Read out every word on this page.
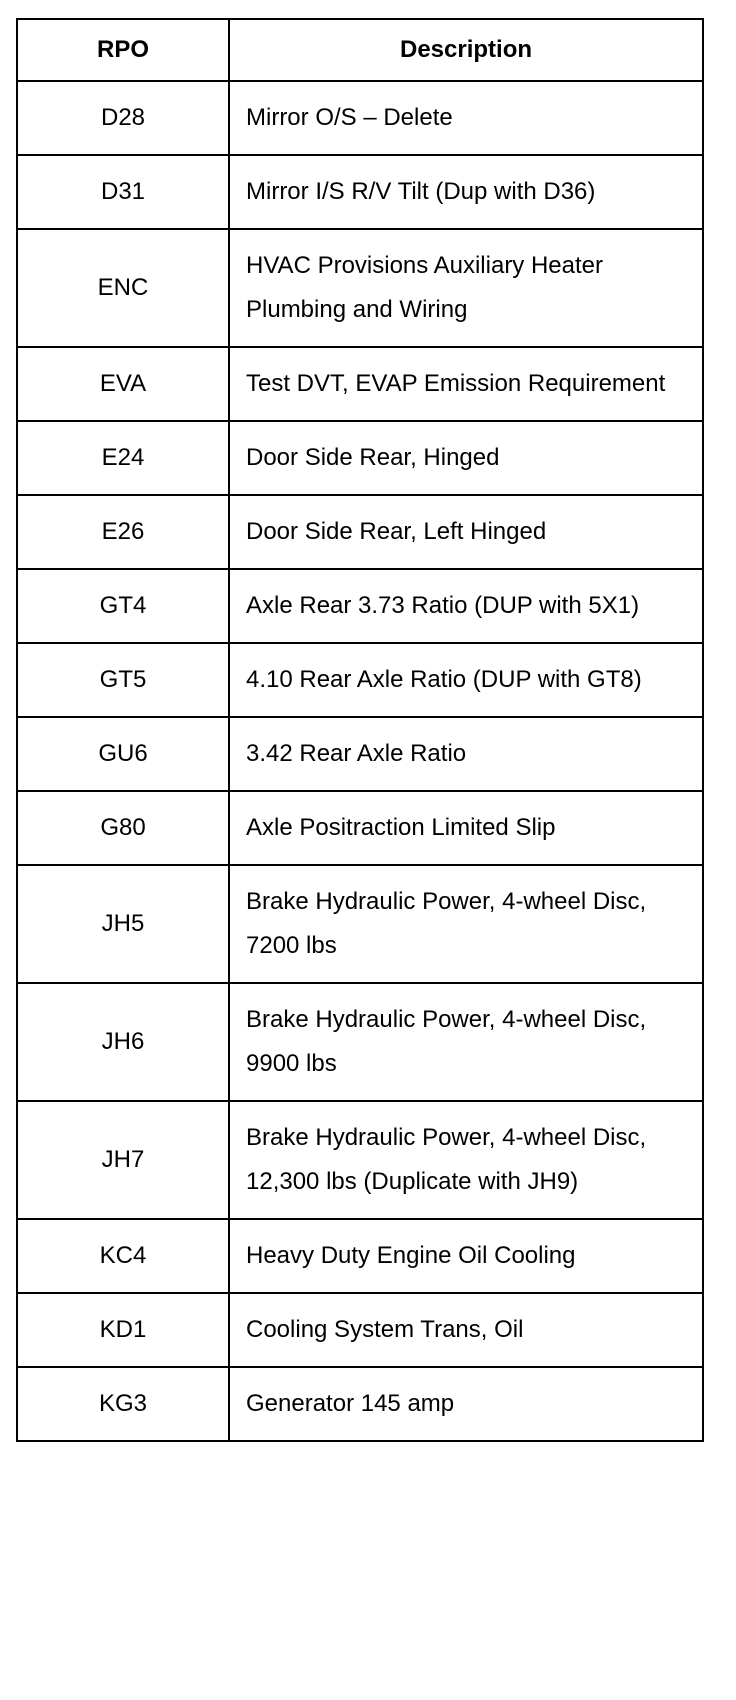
RPO	Description
D28	Mirror O/S – Delete
D31	Mirror I/S R/V Tilt (Dup with D36)
ENC	HVAC Provisions Auxiliary Heater Plumbing and Wiring
EVA	Test DVT, EVAP Emission Requirement
E24	Door Side Rear, Hinged
E26	Door Side Rear, Left Hinged
GT4	Axle Rear 3.73 Ratio (DUP with 5X1)
GT5	4.10 Rear Axle Ratio (DUP with GT8)
GU6	3.42 Rear Axle Ratio
G80	Axle Positraction Limited Slip
JH5	Brake Hydraulic Power, 4-wheel Disc, 7200 lbs
JH6	Brake Hydraulic Power, 4-wheel Disc, 9900 lbs
JH7	Brake Hydraulic Power, 4-wheel Disc, 12,300 lbs (Duplicate with JH9)
KC4	Heavy Duty Engine Oil Cooling
KD1	Cooling System Trans, Oil
KG3	Generator 145 amp
